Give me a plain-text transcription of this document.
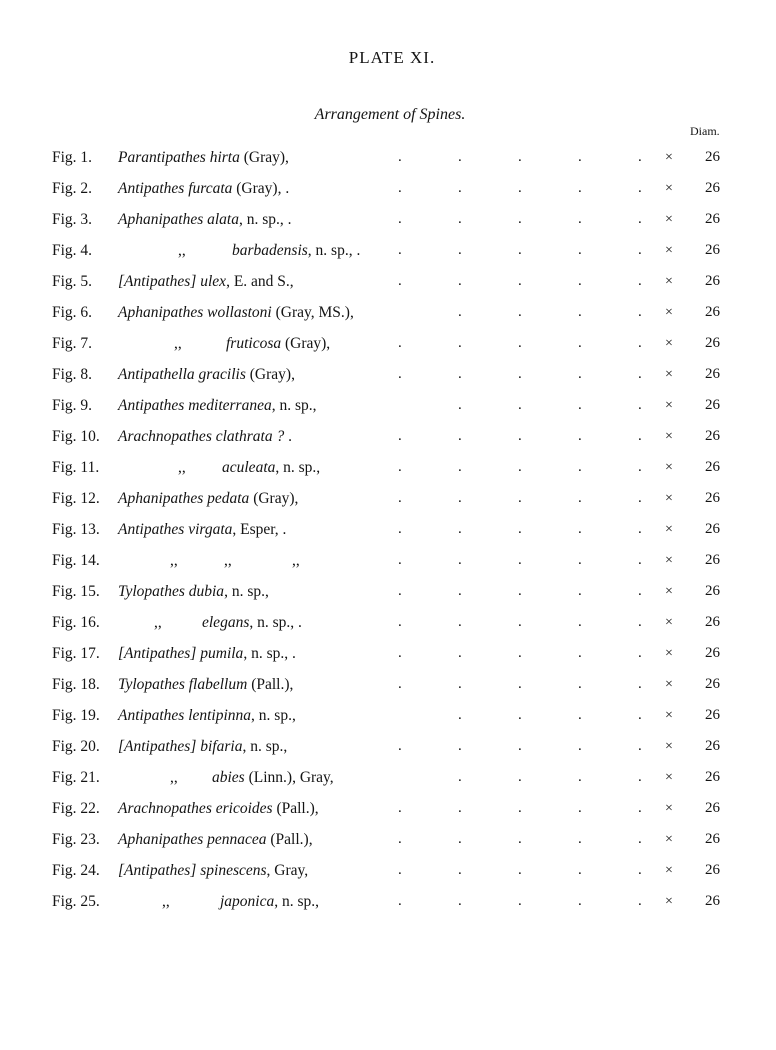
PLATE XI.
Arrangement of Spines.
Diam.
Fig. 1. Parantipathes hirta (Gray),	.	.	.	.	. × 26
Fig. 2. Antipathes furcata (Gray), .	.	.	.	.	. × 26
Fig. 3. Aphanipathes alata, n. sp., .	.	.	.	.	. × 26
Fig. 4.	,,	barbadensis, n. sp., .	.	.	.	.	. × 26
Fig. 5. [Antipathes] ulex, E. and S.,	.	.	.	.	. × 26
Fig. 6. Aphanipathes wollastoni (Gray, MS.),	.	.	.	. × 26
Fig. 7.	,,	fruticosa (Gray),	.	.	.	.	. × 26
Fig. 8. Antipathella gracilis (Gray),	.	.	.	.	. × 26
Fig. 9. Antipathes mediterranea, n. sp.,	.	.	.	. × 26
Fig. 10. Arachnopathes clathrata ? .	.	.	.	.	. × 26
Fig. 11.	,, aculeata, n. sp.,	.	.	.	.	. × 26
Fig. 12. Aphanipathes pedata (Gray),	.	.	.	.	. × 26
Fig. 13. Antipathes virgata, Esper, .	.	.	.	.	. × 26
Fig. 14.	,,	,,	,,	.	.	.	.	. × 26
Fig. 15. Tylopathes dubia, n. sp.,	.	.	.	.	. × 26
Fig. 16.	,,	elegans, n. sp., .	.	.	.	.	. × 26
Fig. 17. [Antipathes] pumila, n. sp., .	.	.	.	.	. × 26
Fig. 18. Tylopathes flabellum (Pall.),	.	.	.	.	. × 26
Fig. 19. Antipathes lentipinna, n. sp.,	.	.	.	. × 26
Fig. 20. [Antipathes] bifaria, n. sp.,	.	.	.	.	. × 26
Fig. 21.	,, abies (Linn.), Gray,	.	.	.	. × 26
Fig. 22. Arachnopathes ericoides (Pall.),	.	.	.	.	. × 26
Fig. 23. Aphanipathes pennacea (Pall.),	.	.	.	.	. × 26
Fig. 24. [Antipathes] spinescens, Gray,	.	.	.	.	. × 26
Fig. 25.	,,	japonica, n. sp.,	.	.	.	.	. × 26
